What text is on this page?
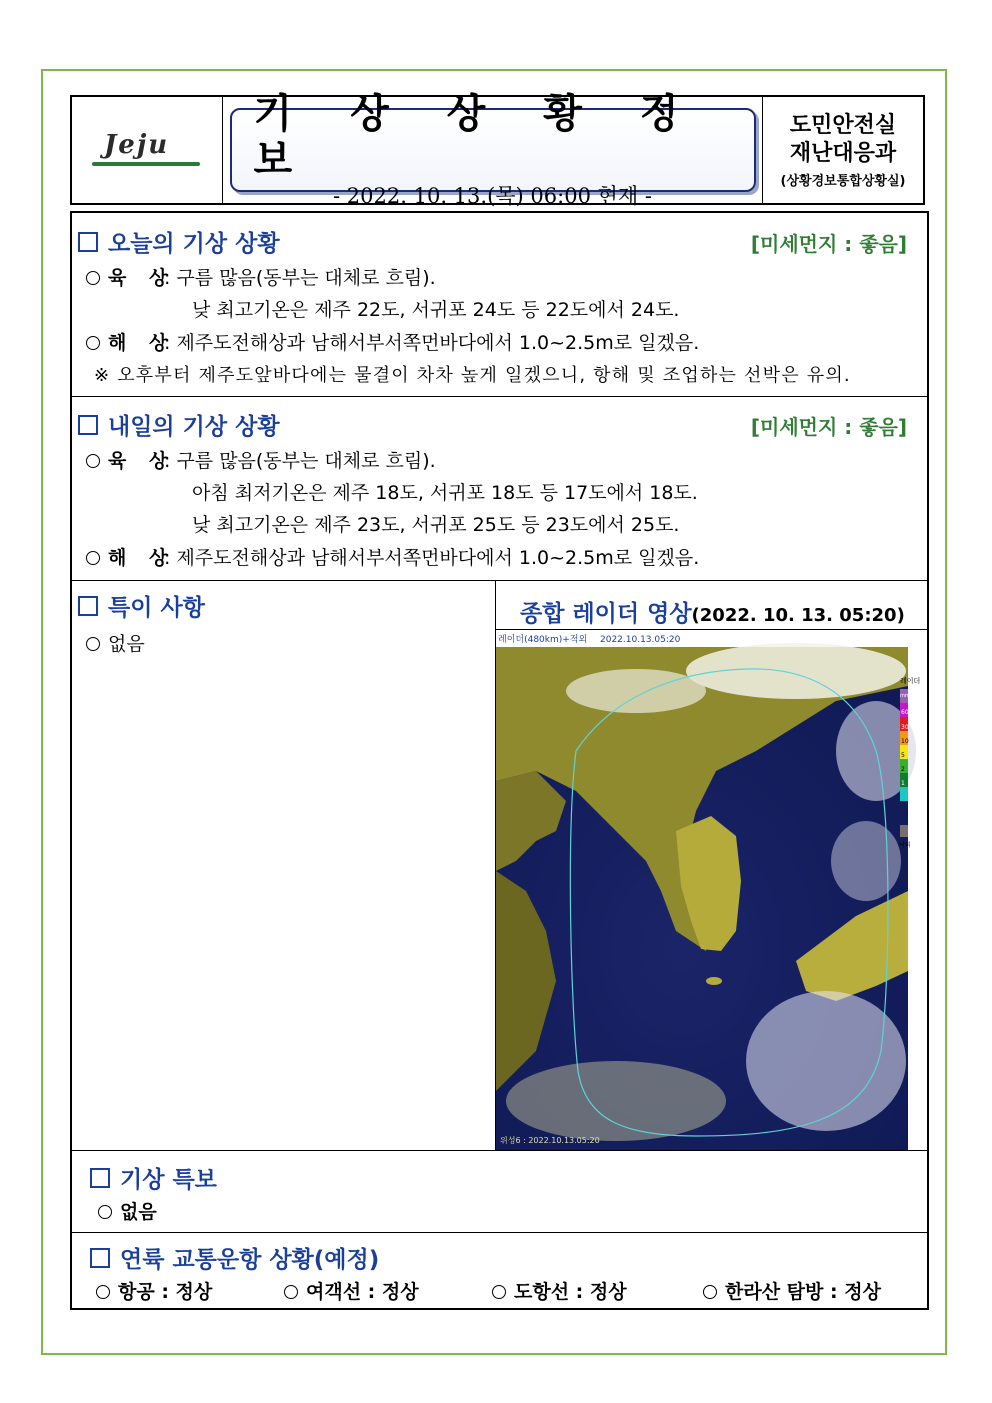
Jeju
기 상 상 황 정 보
- 2022. 10. 13.(목) 06:00 현재 -
도민안전실
재난대응과
(상황경보통합상황실)
오늘의 기상 상황	[미세먼지 : 좋음]
육 상: 구름 많음(동부는 대체로 흐림).
낮 최고기온은 제주 22도, 서귀포 24도 등 22도에서 24도.
해 상: 제주도전해상과 남해서부서쪽먼바다에서 1.0~2.5m로 일겠음.
※ 오후부터 제주도앞바다에는 물결이 차차 높게 일겠으니, 항해 및 조업하는 선박은 유의.
내일의 기상 상황	[미세먼지 : 좋음]
육 상: 구름 많음(동부는 대체로 흐림).
아침 최저기온은 제주 18도, 서귀포 18도 등 17도에서 18도.
낮 최고기온은 제주 23도, 서귀포 25도 등 23도에서 25도.
해 상: 제주도전해상과 남해서부서쪽먼바다에서 1.0~2.5m로 일겠음.
특이 사항
없음
종합 레이더 영상(2022. 10. 13. 05:20)
레이더(480km)+적외 2022.10.13.05:20
위성6 : 2022.10.13.05:20
레이더
mm/h
60
30
10
5
2
1
낙뢰
기상 특보
없음
연륙 교통운항 상황(예정)
항공 : 정상	여객선 : 정상	도항선 : 정상	한라산 탐방 : 정상
